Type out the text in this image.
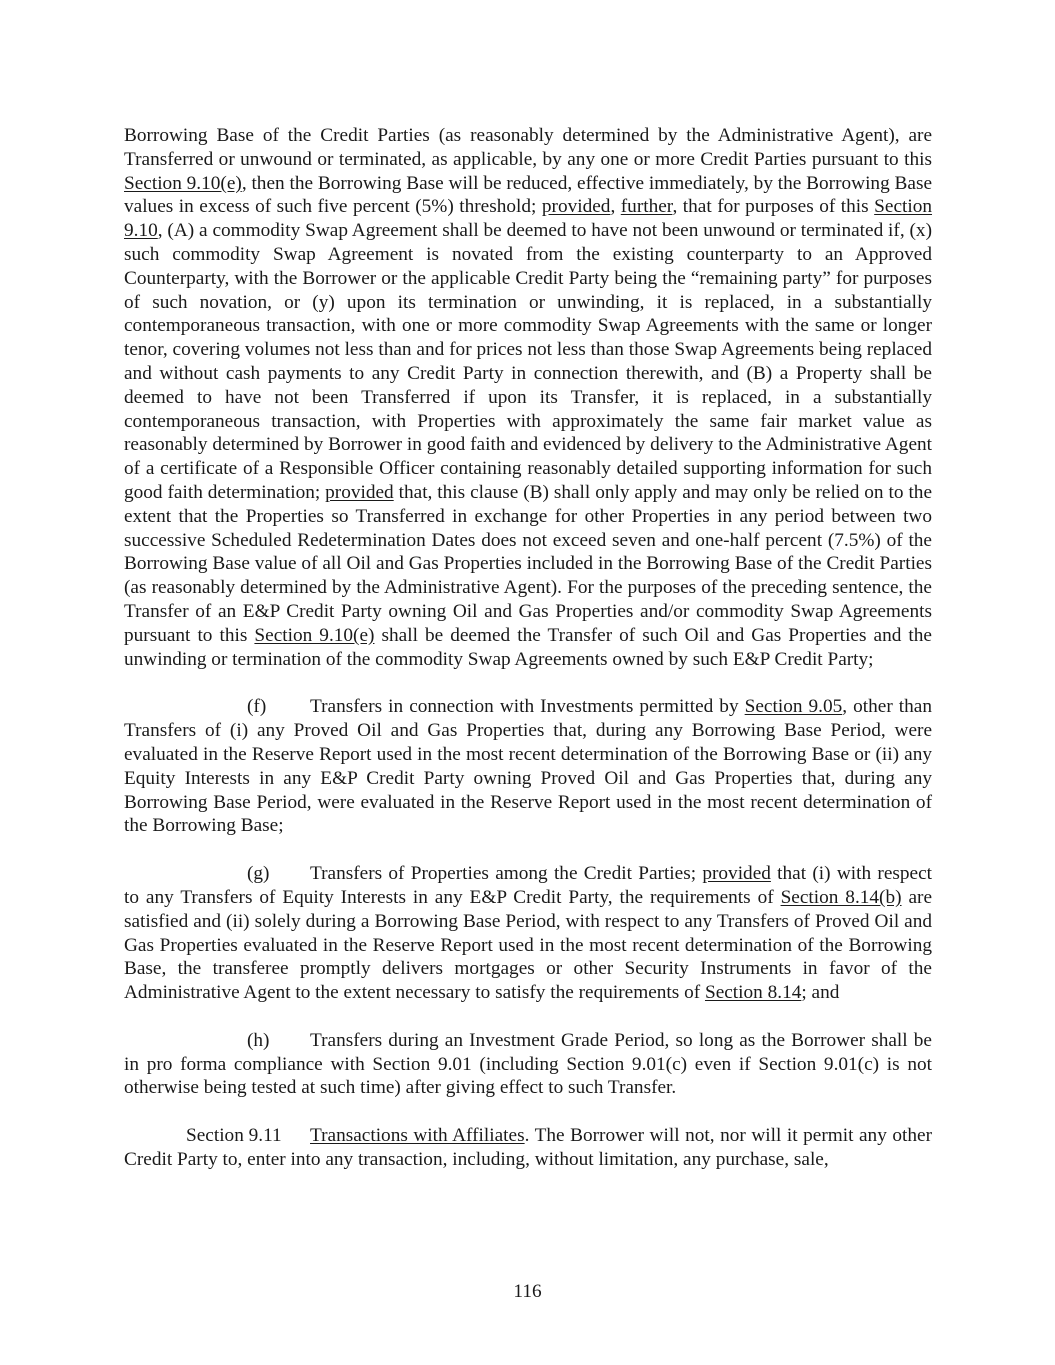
Borrowing Base of the Credit Parties (as reasonably determined by the Administrative Agent), are Transferred or unwound or terminated, as applicable, by any one or more Credit Parties pursuant to this Section 9.10(e), then the Borrowing Base will be reduced, effective immediately, by the Borrowing Base values in excess of such five percent (5%) threshold; provided, further, that for purposes of this Section 9.10, (A) a commodity Swap Agreement shall be deemed to have not been unwound or terminated if, (x) such commodity Swap Agreement is novated from the existing counterparty to an Approved Counterparty, with the Borrower or the applicable Credit Party being the “remaining party” for purposes of such novation, or (y) upon its termination or unwinding, it is replaced, in a substantially contemporaneous transaction, with one or more commodity Swap Agreements with the same or longer tenor, covering volumes not less than and for prices not less than those Swap Agreements being replaced and without cash payments to any Credit Party in connection therewith, and (B) a Property shall be deemed to have not been Transferred if upon its Transfer, it is replaced, in a substantially contemporaneous transaction, with Properties with approximately the same fair market value as reasonably determined by Borrower in good faith and evidenced by delivery to the Administrative Agent of a certificate of a Responsible Officer containing reasonably detailed supporting information for such good faith determination; provided that, this clause (B) shall only apply and may only be relied on to the extent that the Properties so Transferred in exchange for other Properties in any period between two successive Scheduled Redetermination Dates does not exceed seven and one-half percent (7.5%) of the Borrowing Base value of all Oil and Gas Properties included in the Borrowing Base of the Credit Parties (as reasonably determined by the Administrative Agent). For the purposes of the preceding sentence, the Transfer of an E&P Credit Party owning Oil and Gas Properties and/or commodity Swap Agreements pursuant to this Section 9.10(e) shall be deemed the Transfer of such Oil and Gas Properties and the unwinding or termination of the commodity Swap Agreements owned by such E&P Credit Party;

(f) Transfers in connection with Investments permitted by Section 9.05, other than Transfers of (i) any Proved Oil and Gas Properties that, during any Borrowing Base Period, were evaluated in the Reserve Report used in the most recent determination of the Borrowing Base or (ii) any Equity Interests in any E&P Credit Party owning Proved Oil and Gas Properties that, during any Borrowing Base Period, were evaluated in the Reserve Report used in the most recent determination of the Borrowing Base;

(g) Transfers of Properties among the Credit Parties; provided that (i) with respect to any Transfers of Equity Interests in any E&P Credit Party, the requirements of Section 8.14(b) are satisfied and (ii) solely during a Borrowing Base Period, with respect to any Transfers of Proved Oil and Gas Properties evaluated in the Reserve Report used in the most recent determination of the Borrowing Base, the transferee promptly delivers mortgages or other Security Instruments in favor of the Administrative Agent to the extent necessary to satisfy the requirements of Section 8.14; and

(h) Transfers during an Investment Grade Period, so long as the Borrower shall be in pro forma compliance with Section 9.01 (including Section 9.01(c) even if Section 9.01(c) is not otherwise being tested at such time) after giving effect to such Transfer.

Section 9.11 Transactions with Affiliates. The Borrower will not, nor will it permit any other Credit Party to, enter into any transaction, including, without limitation, any purchase, sale,

116
